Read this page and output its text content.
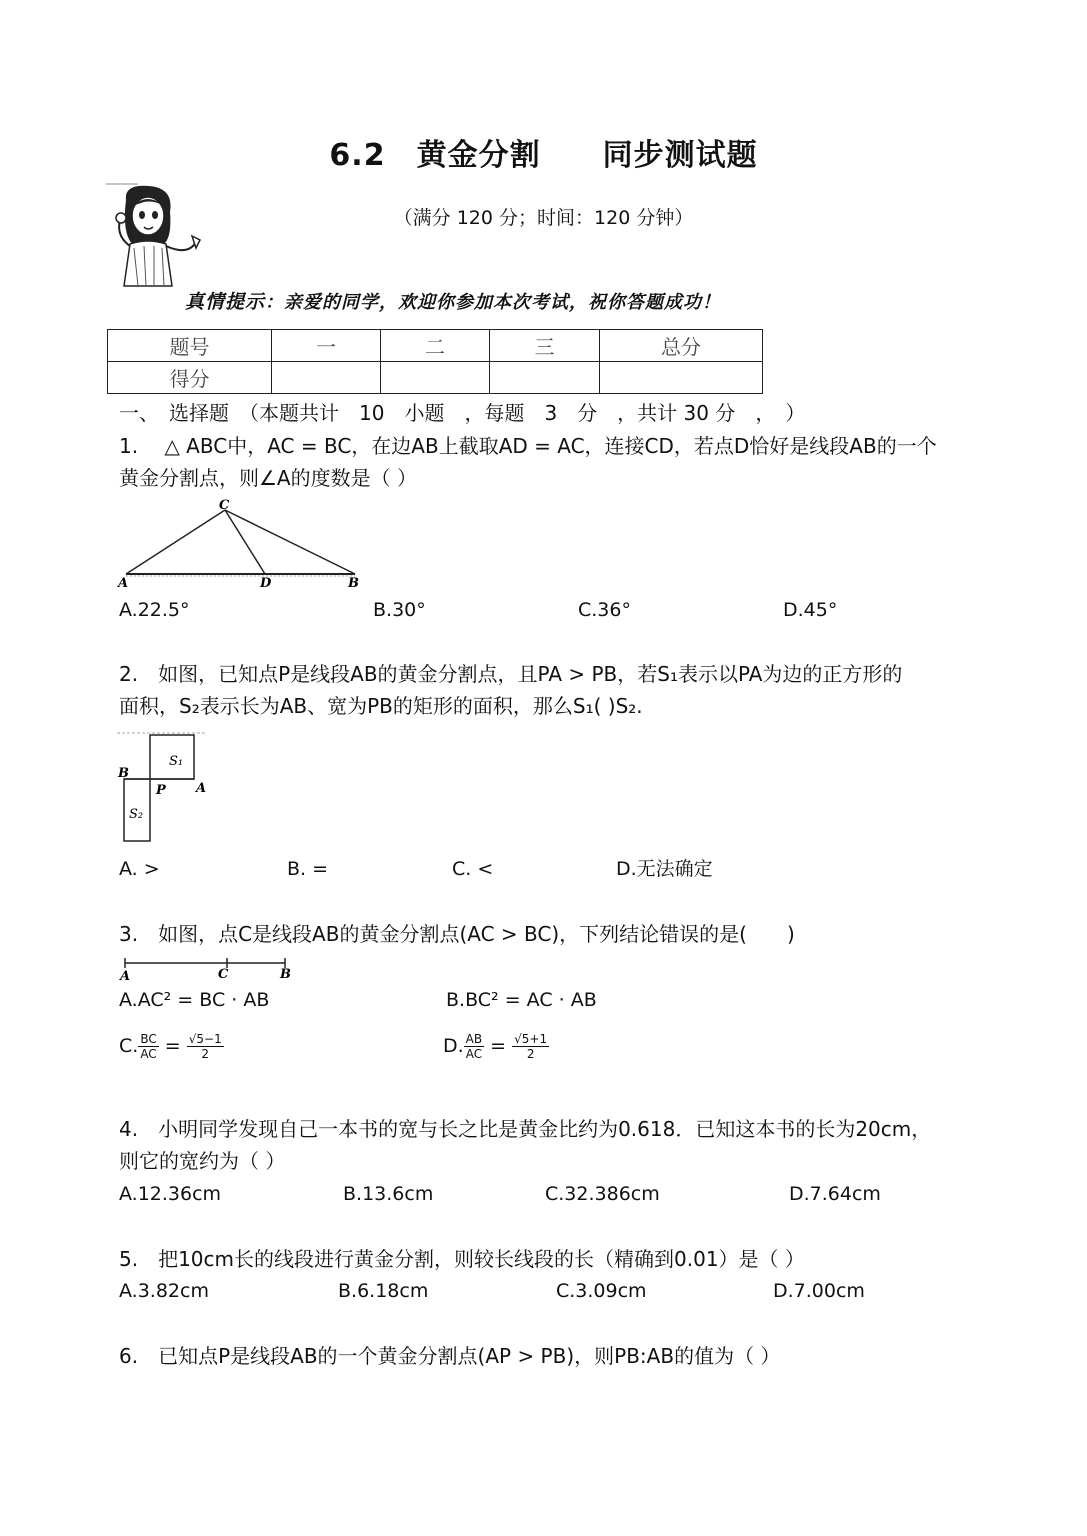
6.2　黄金分割　　同步测试题
（满分 120 分；时间：120 分钟）
真情提示：亲爱的同学，欢迎你参加本次考试，祝你答题成功！
题号	一	二	三	总分
得分				
一、　选择题　（本题共计　10　小题　，每题　3　分　，共计 30 分　，　）
1.　 △ ABC中，AC = BC，在边AB上截取AD = AC，连接CD，若点D恰好是线段AB的一个
黄金分割点，则∠A的度数是（ ）
C
A	D	B
A.22.5°	B.30°	C.36°	D.45°
2.　如图，已知点P是线段AB的黄金分割点，且PA > PB，若S₁表示以PA为边的正方形的
面积，S₂表示长为AB、宽为PB的矩形的面积，那么S₁( )S₂.
S₁
B
P A
S₂
A. >	B. =	C. <	D.无法确定
3.　如图，点C是线段AB的黄金分割点(AC > BC)，下列结论错误的是(　　)
A	C	B
A.AC² = BC · AB	B.BC² = AC · AB
C. $\frac{BC}{AC} = \frac{√5-1}{2}$	D. $\frac{AB}{AC} = \frac{√5+1}{2}$
4.　小明同学发现自己一本书的宽与长之比是黄金比约为0.618．已知这本书的长为20cm，
则它的宽约为（ ）
A.12.36cm	B.13.6cm	C.32.386cm	D.7.64cm
5.　把10cm长的线段进行黄金分割，则较长线段的长（精确到0.01）是（ ）
A.3.82cm	B.6.18cm	C.3.09cm	D.7.00cm
6.　已知点P是线段AB的一个黄金分割点(AP > PB)，则PB:AB的值为（ ）
